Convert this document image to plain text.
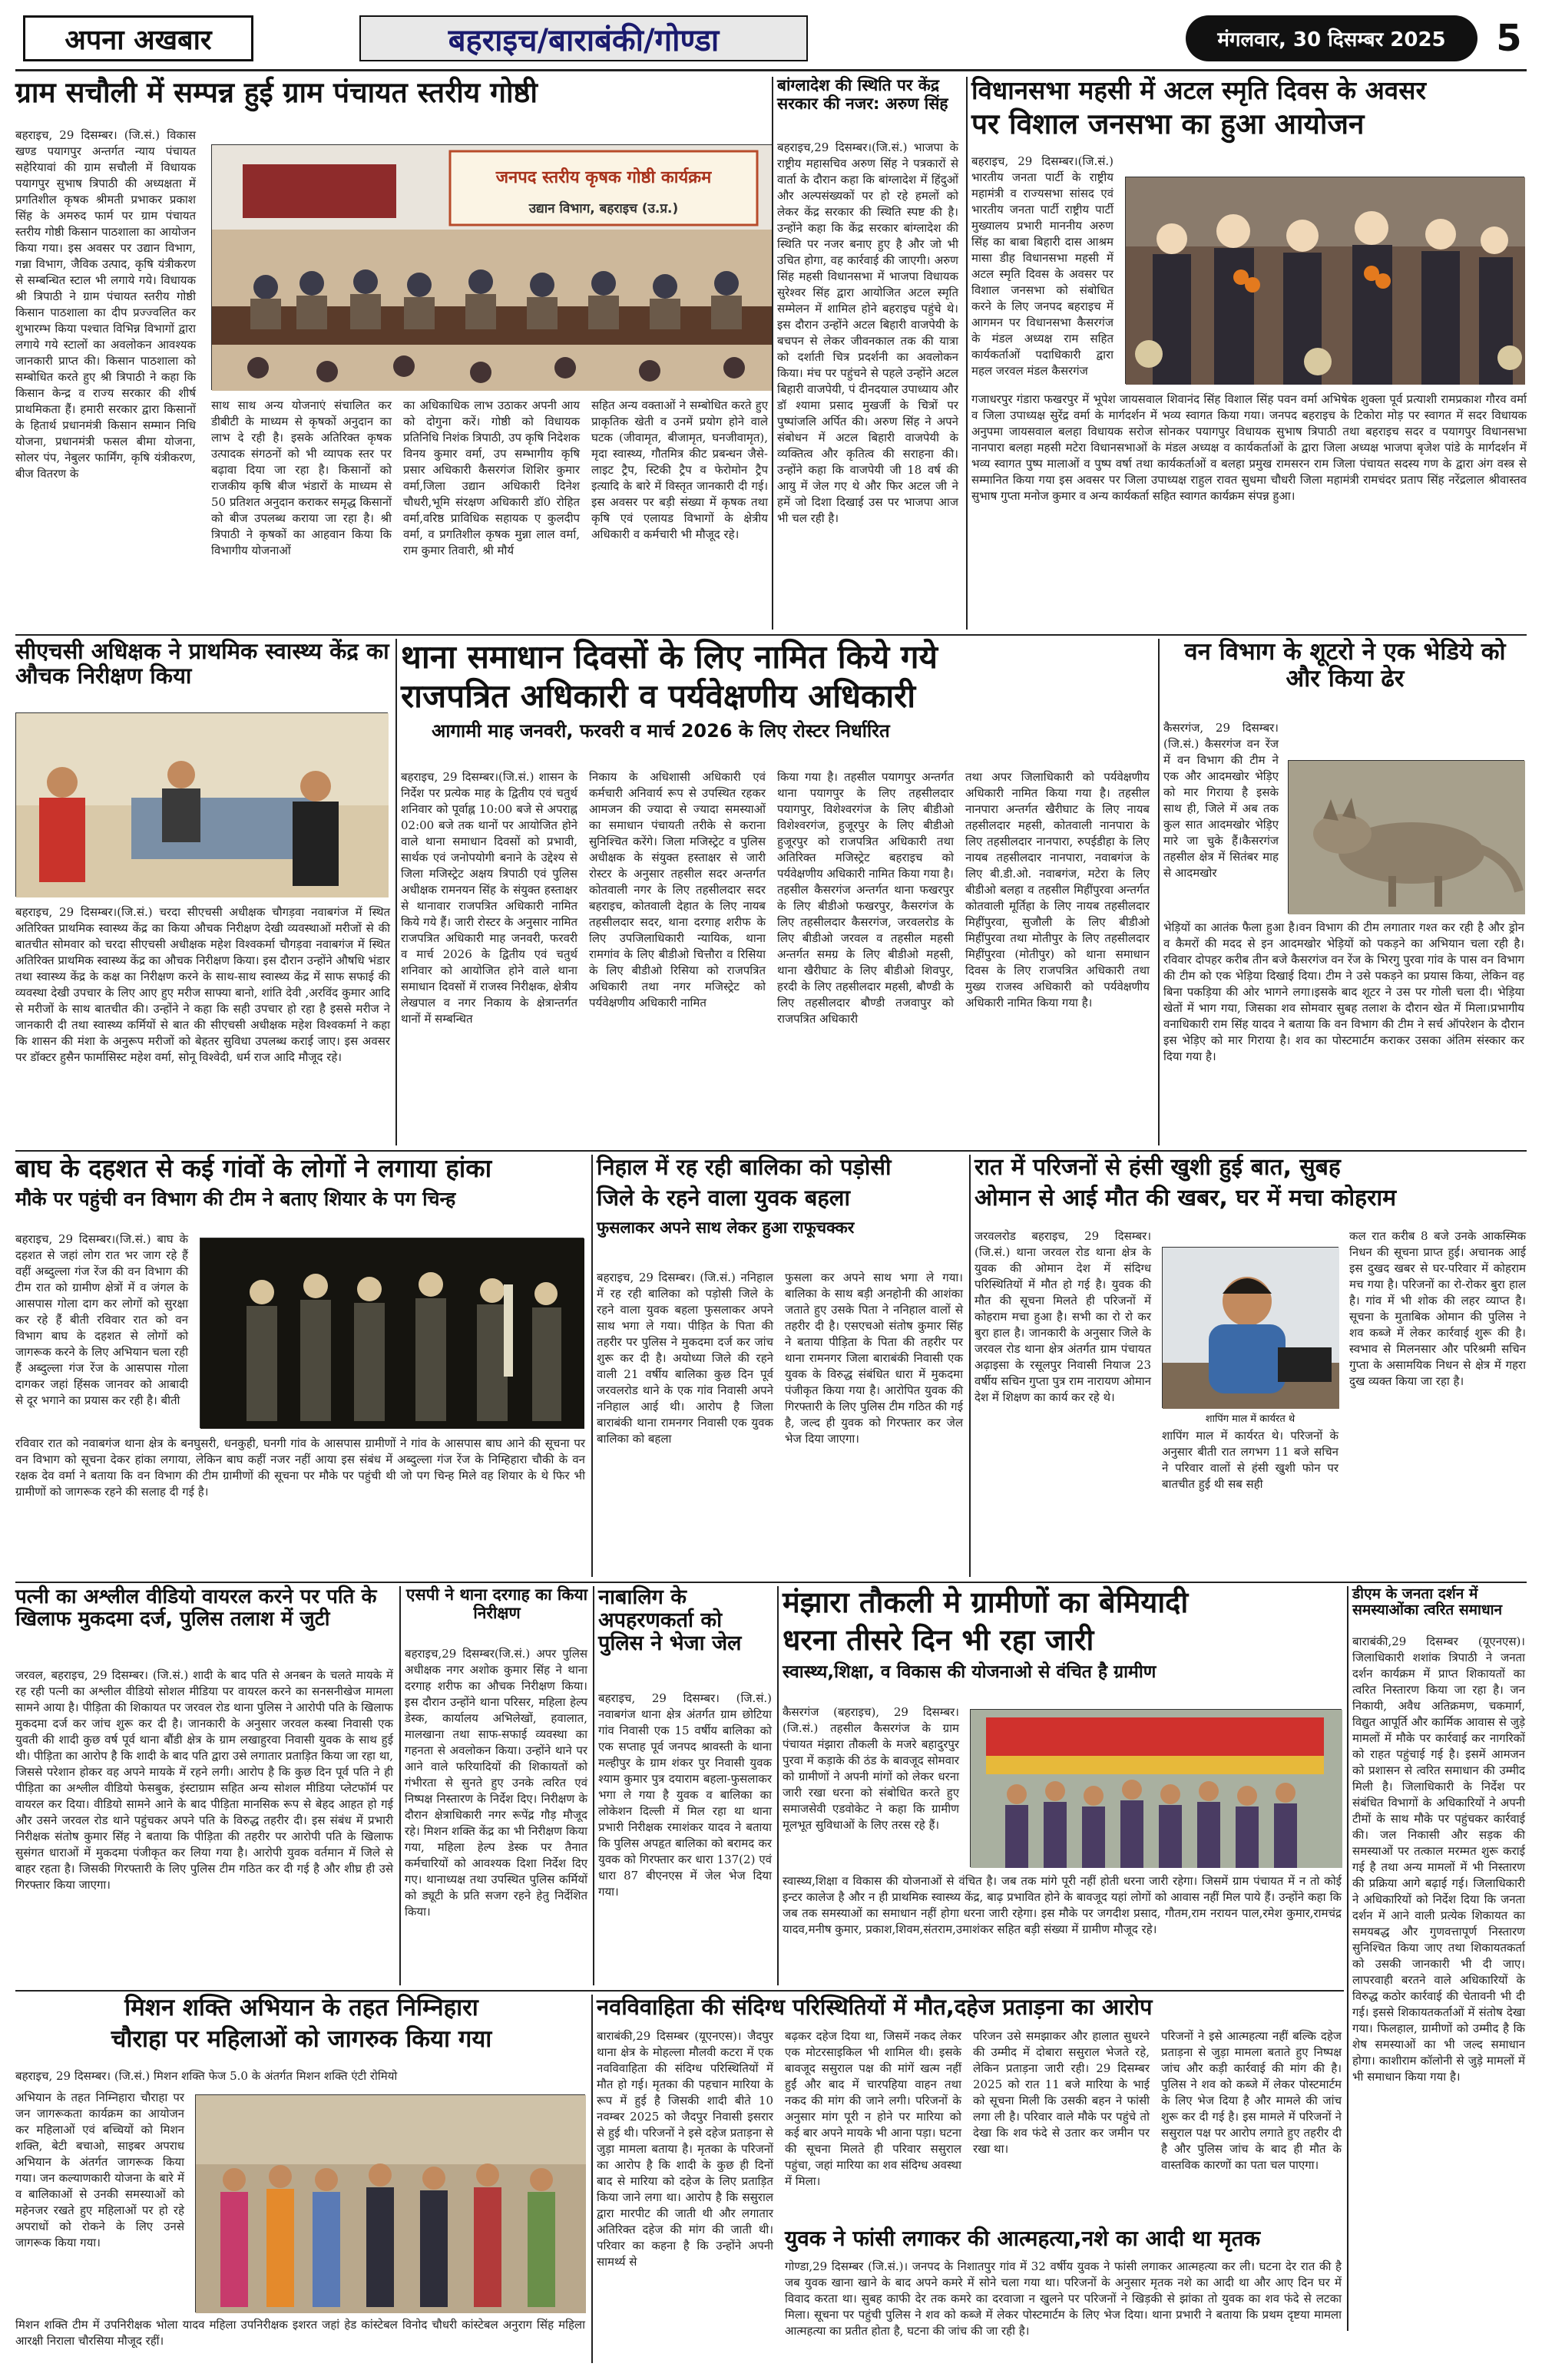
अपना अखबार	बहराइच/बाराबंकी/गोण्डा	मंगलवार, 30 दिसम्बर 2025 5
ग्राम सचौली में सम्पन्न हुई ग्राम पंचायत स्तरीय गोष्ठी
बहराइच, 29 दिसम्बर। (जि.सं.) विकास खण्ड पयागपुर अन्तर्गत न्याय पंचायत सहेरियावां की ग्राम सचौली में विधायक पयागपुर सुभाष त्रिपाठी की अध्यक्षता में प्रगतिशील कृषक श्रीमती प्रभाकर प्रकाश सिंह के अमरुद फार्म पर ग्राम पंचायत स्तरीय गोष्ठी किसान पाठशाला का आयोजन किया गया। इस अवसर पर उद्यान विभाग, गन्ना विभाग, जैविक उत्पाद, कृषि यंत्रीकरण से सम्बन्धित स्टाल भी लगाये गये। विधायक श्री त्रिपाठी ने ग्राम पंचायत स्तरीय गोष्ठी किसान पाठशाला का दीप प्रज्ज्वलित कर शुभारम्भ किया पश्चात विभिन्न विभागों द्वारा लगाये गये स्टालों का अवलोकन आवश्यक जानकारी प्राप्त की। किसान पाठशाला को सम्बोधित करते हुए श्री त्रिपाठी ने कहा कि किसान केन्द्र व राज्य सरकार की शीर्ष प्राथमिकता हैं। हमारी सरकार द्वारा किसानों के हितार्थ प्रधानमंत्री किसान सम्मान निधि योजना, प्रधानमंत्री फसल बीमा योजना, सोलर पंप, नेबुलर फार्मिंग, कृषि यंत्रीकरण, बीज वितरण के
जनपद स्तरीय कृषक गोष्ठी कार्यक्रम
उद्यान विभाग, बहराइच (उ.प्र.)
साथ साथ अन्य योजनाएं संचालित कर डीबीटी के माध्यम से कृषकों अनुदान का लाभ दे रही है। इसके अतिरिक्त कृषक उत्पादक संगठनों को भी व्यापक स्तर पर बढ़ावा दिया जा रहा है। किसानों को राजकीय कृषि बीज भंडारों के माध्यम से 50 प्रतिशत अनुदान कराकर समृद्ध किसानों को बीज उपलब्ध कराया जा रहा है। श्री त्रिपाठी ने कृषकों का आहवान किया कि विभागीय योजनाओं
का अधिकाधिक लाभ उठाकर अपनी आय को दोगुना करें। गोष्ठी को विधायक प्रतिनिधि निशंक त्रिपाठी, उप कृषि निदेशक विनय कुमार वर्मा, उप सम्भागीय कृषि प्रसार अधिकारी कैसरगंज शिशिर कुमार वर्मा,जिला उद्यान अधिकारी दिनेश चौधरी,भूमि संरक्षण अधिकारी डॉ0 रोहित वर्मा,वरिष्ठ प्राविधिक सहायक ए कुलदीप वर्मा, व प्रगतिशील कृषक मुन्ना लाल वर्मा, राम कुमार तिवारी, श्री मौर्य
सहित अन्य वक्ताओं ने सम्बोधित करते हुए प्राकृतिक खेती व उनमें प्रयोग होने वाले घटक (जीवामृत, बीजामृत, घनजीवामृत), मृदा स्वास्थ्य, गौतमित्र कीट प्रबन्धन जैसे-लाइट ट्रैप, स्टिकी ट्रैप व फेरोमोन ट्रैप इत्यादि के बारे में विस्तृत जानकारी दी गई। इस अवसर पर बड़ी संख्या में कृषक तथा कृषि एवं एलायड विभागों के क्षेत्रीय अधिकारी व कर्मचारी भी मौजूद रहे।
बांग्लादेश की स्थिति पर केंद्र सरकार की नजर: अरुण सिंह
बहराइच,29 दिसम्बर।(जि.सं.) भाजपा के राष्ट्रीय महासचिव अरुण सिंह ने पत्रकारों से वार्ता के दौरान कहा कि बांग्लादेश में हिंदुओं और अल्पसंख्यकों पर हो रहे हमलों को लेकर केंद्र सरकार की स्थिति स्पष्ट की है। उन्होंने कहा कि केंद्र सरकार बांग्लादेश की स्थिति पर नजर बनाए हुए है और जो भी उचित होगा, वह कार्रवाई की जाएगी। अरुण सिंह महसी विधानसभा में भाजपा विधायक सुरेश्वर सिंह द्वारा आयोजित अटल स्मृति सम्मेलन में शामिल होने बहराइच पहुंचे थे। इस दौरान उन्होंने अटल बिहारी वाजपेयी के बचपन से लेकर जीवनकाल तक की यात्रा को दर्शाती चित्र प्रदर्शनी का अवलोकन किया। मंच पर पहुंचने से पहले उन्होंने अटल बिहारी वाजपेयी, पं दीनदयाल उपाध्याय और डॉ श्यामा प्रसाद मुखर्जी के चित्रों पर पुष्पांजलि अर्पित की। अरुण सिंह ने अपने संबोधन में अटल बिहारी वाजपेयी के व्यक्तित्व और कृतित्व की सराहना की। उन्होंने कहा कि वाजपेयी जी 18 वर्ष की आयु में जेल गए थे और फिर अटल जी ने हमें जो दिशा दिखाई उस पर भाजपा आज भी चल रही है।
विधानसभा महसी में अटल स्मृति दिवस के अवसर
पर विशाल जनसभा का हुआ आयोजन
बहराइच, 29 दिसम्बर।(जि.सं.) भारतीय जनता पार्टी के राष्ट्रीय महामंत्री व राज्यसभा सांसद एवं भारतीय जनता पार्टी राष्ट्रीय पार्टी मुख्यालय प्रभारी माननीय अरुण सिंह का बाबा बिहारी दास आश्रम मासा डीह विधानसभा महसी में अटल स्मृति दिवस के अवसर पर विशाल जनसभा को संबोधित करने के लिए जनपद बहराइच में आगमन पर विधानसभा कैसरगंज के मंडल अध्यक्ष राम सहित कार्यकर्ताओं पदाधिकारी द्वारा महल जरवल मंडल कैसरगंज
गजाधरपुर गंडारा फखरपुर में भूपेश जायसवाल शिवानंद सिंह विशाल सिंह पवन वर्मा अभिषेक शुक्ला पूर्व प्रत्याशी रामप्रकाश गौरव वर्मा व जिला उपाध्यक्ष सुरेंद्र वर्मा के मार्गदर्शन में भव्य स्वागत किया गया। जनपद बहराइच के टिकोरा मोड़ पर स्वागत में सदर विधायक अनुपमा जायसवाल बलहा विधायक सरोज सोनकर पयागपुर विधायक सुभाष त्रिपाठी तथा बहराइच सदर व पयागपुर विधानसभा नानपारा बलहा महसी मटेरा विधानसभाओं के मंडल अध्यक्ष व कार्यकर्ताओं के द्वारा जिला अध्यक्ष भाजपा बृजेश पांडे के मार्गदर्शन में भव्य स्वागत पुष्प मालाओं व पुष्प वर्षा तथा कार्यकर्ताओं व बलहा प्रमुख रामसरन राम जिला पंचायत सदस्य गण के द्वारा अंग वस्त्र से सम्मानित किया गया इस अवसर पर जिला उपाध्यक्ष राहुल रावत सुधमा चौधरी जिला महामंत्री रामचंदर प्रताप सिंह नरेंद्रलाल श्रीवास्तव सुभाष गुप्ता मनोज कुमार व अन्य कार्यकर्ता सहित स्वागत कार्यक्रम संपन्न हुआ।
सीएचसी अधिक्षक ने प्राथमिक स्वास्थ्य केंद्र का औचक निरीक्षण किया
बहराइच, 29 दिसम्बर।(जि.सं.) चरदा सीएचसी अधीक्षक चौगड़वा नवाबगंज में स्थित अतिरिक्त प्राथमिक स्वास्थ्य केंद्र का किया औचक निरीक्षण देखी व्यवस्थाओं मरीजों से की बातचीत सोमवार को चरदा सीएचसी अधीक्षक महेश विश्वकर्मा चौगड़वा नवाबगंज में स्थित अतिरिक्त प्राथमिक स्वास्थ्य केंद्र का औचक निरीक्षण किया। इस दौरान उन्होंने औषधि भंडार तथा स्वास्थ्य केंद्र के कक्ष का निरीक्षण करने के साथ-साथ स्वास्थ्य केंद्र में साफ सफाई की व्यवस्था देखी उपचार के लिए आए हुए मरीज साफ्या बानो, शांति देवी ,अरविंद कुमार आदि से मरीजों के साथ बातचीत की। उन्होंने ने कहा कि सही उपचार हो रहा है इससे मरीज ने जानकारी दी तथा स्वास्थ्य कर्मियों से बात की सीएचसी अधीक्षक महेश विश्वकर्मा ने कहा कि शासन की मंशा के अनुरूप मरीजों को बेहतर सुविधा उपलब्ध कराई जाए। इस अवसर पर डॉक्टर हुसैन फार्मासिस्ट महेश वर्मा, सोनू विश्वेदी, धर्म राज आदि मौजूद रहे।
थाना समाधान दिवसों के लिए नामित किये गये
राजपत्रित अधिकारी व पर्यवेक्षणीय अधिकारी
आगामी माह जनवरी, फरवरी व मार्च 2026 के लिए रोस्टर निर्धारित
बहराइच, 29 दिसम्बर।(जि.सं.) शासन के निर्देश पर प्रत्येक माह के द्वितीय एवं चतुर्थ शनिवार को पूर्वाह्न 10:00 बजे से अपराह्न 02:00 बजे तक थानों पर आयोजित होने वाले थाना समाधान दिवसों को प्रभावी, सार्थक एवं जनोपयोगी बनाने के उद्देश्य से जिला मजिस्ट्रेट अक्षय त्रिपाठी एवं पुलिस अधीक्षक रामनयन सिंह के संयुक्त हस्ताक्षर से थानावार राजपत्रित अधिकारी नामित किये गये हैं। जारी रोस्टर के अनुसार नामित राजपत्रित अधिकारी माह जनवरी, फरवरी व मार्च 2026 के द्वितीय एवं चतुर्थ शनिवार को आयोजित होने वाले थाना समाधान दिवसों में राजस्व निरीक्षक, क्षेत्रीय लेखपाल व नगर निकाय के क्षेत्रान्तर्गत थानों में सम्बन्धित
निकाय के अधिशासी अधिकारी एवं कर्मचारी अनिवार्य रूप से उपस्थित रहकर आमजन की ज्यादा से ज्यादा समस्याओं का समाधान पंचायती तरीके से कराना सुनिश्चित करेंगे। जिला मजिस्ट्रेट व पुलिस अधीक्षक के संयुक्त हस्ताक्षर से जारी रोस्टर के अनुसार तहसील सदर अन्तर्गत कोतवाली नगर के लिए तहसीलदार सदर बहराइच, कोतवाली देहात के लिए नायब तहसीलदार सदर, थाना दरगाह शरीफ के लिए उपजिलाधिकारी न्यायिक, थाना रामगांव के लिए बीडीओ चित्तौरा व रिसिया के लिए बीडीओ रिसिया को राजपत्रित अधिकारी तथा नगर मजिस्ट्रेट को पर्यवेक्षणीय अधिकारी नामित
किया गया है। तहसील पयागपुर अन्तर्गत थाना पयागपुर के लिए तहसीलदार पयागपुर, विशेश्वरगंज के लिए बीडीओ विशेश्वरगंज, हुजूरपुर के लिए बीडीओ हुजूरपुर को राजपत्रित अधिकारी तथा अतिरिक्त मजिस्ट्रेट बहराइच को पर्यवेक्षणीय अधिकारी नामित किया गया है। तहसील कैसरगंज अन्तर्गत थाना फखरपुर के लिए बीडीओ फखरपुर, कैसरगंज के लिए तहसीलदार कैसरगंज, जरवलरोड के लिए बीडीओ जरवल व तहसील महसी अन्तर्गत समग्र के लिए बीडीओ महसी, थाना खैरीघाट के लिए बीडीओ शिवपुर, हरदी के लिए तहसीलदार महसी, बौण्डी के लिए तहसीलदार बौण्डी तजवापुर को राजपत्रित अधिकारी
तथा अपर जिलाधिकारी को पर्यवेक्षणीय अधिकारी नामित किया गया है। तहसील नानपारा अन्तर्गत खैरीघाट के लिए नायब तहसीलदार महसी, कोतवाली नानपारा के लिए तहसीलदार नानपारा, रुपईडीहा के लिए नायब तहसीलदार नानपारा, नवाबगंज के लिए बी.डी.ओ. नवाबगंज, मटेरा के लिए बीडीओ बलहा व तहसील मिहींपुरवा अन्तर्गत कोतवाली मूर्तिहा के लिए नायब तहसीलदार मिहींपुरवा, सुजौली के लिए बीडीओ मिहींपुरवा तथा मोतीपुर के लिए तहसीलदार मिहींपुरवा (मोतीपुर) को थाना समाधान दिवस के लिए राजपत्रित अधिकारी तथा मुख्य राजस्व अधिकारी को पर्यवेक्षणीय अधिकारी नामित किया गया है।
वन विभाग के शूटरो ने एक भेडिये को और किया ढेर
कैसरगंज, 29 दिसम्बर।(जि.सं.) कैसरगंज वन रेंज में वन विभाग की टीम ने एक और आदमखोर भेड़िए को मार गिराया है इसके साथ ही, जिले में अब तक कुल सात आदमखोर भेड़िए मारे जा चुके हैं।कैसरगंज तहसील क्षेत्र में सितंबर माह से आदमखोर
भेड़ियों का आतंक फैला हुआ है।वन विभाग की टीम लगातार गश्त कर रही है और ड्रोन व कैमरों की मदद से इन आदमखोर भेड़ियों को पकड़ने का अभियान चला रही है। रविवार दोपहर करीब तीन बजे कैसरगंज वन रेंज के भिरगु पुरवा गांव के पास वन विभाग की टीम को एक भेड़िया दिखाई दिया। टीम ने उसे पकड़ने का प्रयास किया, लेकिन वह बिना पकड़िया की ओर भागने लगा।इसके बाद शूटर ने उस पर गोली चला दी। भेड़िया खेतों में भाग गया, जिसका शव सोमवार सुबह तलाश के दौरान खेत में मिला।प्रभागीय वनाधिकारी राम सिंह यादव ने बताया कि वन विभाग की टीम ने सर्च ऑपरेशन के दौरान इस भेड़िए को मार गिराया है। शव का पोस्टमार्टम कराकर उसका अंतिम संस्कार कर दिया गया है।
बाघ के दहशत से कई गांवों के लोगों ने लगाया हांका
मौके पर पहुंची वन विभाग की टीम ने बताए शियार के पग चिन्ह
बहराइच, 29 दिसम्बर।(जि.सं.) बाघ के दहशत से जहां लोग रात भर जाग रहे हैं वहीं अब्दुल्ला गंज रेंज की वन विभाग की टीम रात को ग्रामीण क्षेत्रों में व जंगल के आसपास गोला दाग कर लोगों को सुरक्षा कर रहे हैं बीती रविवार रात को वन विभाग बाघ के दहशत से लोगों को जागरूक करने के लिए अभियान चला रही हैं अब्दुल्ला गंज रेंज के आसपास गोला दागकर जहां हिंसक जानवर को आबादी से दूर भगाने का प्रयास कर रही है। बीती
रविवार रात को नवाबगंज थाना क्षेत्र के बनघुसरी, धनकुही, घनगी गांव के आसपास ग्रामीणों ने गांव के आसपास बाघ आने की सूचना पर वन विभाग को सूचना देकर हांका लगाया, लेकिन बाघ कहीं नजर नहीं आया इस संबंध में अब्दुल्ला गंज रेंज के निम्हिहारा चौकी के वन रक्षक देव वर्मा ने बताया कि वन विभाग की टीम ग्रामीणों की सूचना पर मौके पर पहुंची थी जो पग चिन्ह मिले वह शियार के थे फिर भी ग्रामीणों को जागरूक रहने की सलाह दी गई है।
निहाल में रह रही बालिका को पड़ोसी
जिले के रहने वाला युवक बहला
फुसलाकर अपने साथ लेकर हुआ राफूचक्कर
बहराइच, 29 दिसम्बर। (जि.सं.) ननिहाल में रह रही बालिका को पड़ोसी जिले के रहने वाला युवक बहला फुसलाकर अपने साथ भगा ले गया। पीड़ित के पिता की तहरीर पर पुलिस ने मुकदमा दर्ज कर जांच शुरू कर दी है। अयोध्या जिले की रहने वाली 21 वर्षीय बालिका कुछ दिन पूर्व जरवलरोड थाने के एक गांव निवासी अपने ननिहाल आई थी। आरोप है जिला बाराबंकी थाना रामनगर निवासी एक युवक बालिका को बहला
फुसला कर अपने साथ भगा ले गया। बालिका के साथ बड़ी अनहोनी की आशंका जताते हुए उसके पिता ने ननिहाल वालों से तहरीर दी है। एसएचओ संतोष कुमार सिंह ने बताया पीड़िता के पिता की तहरीर पर थाना रामनगर जिला बाराबंकी निवासी एक युवक के विरुद्ध संबंधित धारा में मुकदमा पंजीकृत किया गया है। आरोपित युवक की गिरफ्तारी के लिए पुलिस टीम गठित की गई है, जल्द ही युवक को गिरफ्तार कर जेल भेज दिया जाएगा।
रात में परिजनों से हंसी खुशी हुई बात, सुबह
ओमान से आई मौत की खबर, घर में मचा कोहराम
जरवलरोड बहराइच, 29 दिसम्बर। (जि.सं.) थाना जरवल रोड थाना क्षेत्र के युवक की ओमान देश में संदिग्ध परिस्थितियों में मौत हो गई है। युवक की मौत की सूचना मिलते ही परिजनों में कोहराम मचा हुआ है। सभी का रो रो कर बुरा हाल है। जानकारी के अनुसार जिले के जरवल रोड थाना क्षेत्र अंतर्गत ग्राम पंचायत अढ़ाइसा के रसूलपुर निवासी नियाज 23 वर्षीय सचिन गुप्ता पुत्र राम नारायण ओमान देश में शिक्षण का कार्य कर रहे थे।
शापिंग माल में कार्यरत थे
शापिंग माल में कार्यरत थे। परिजनों के अनुसार बीती रात लगभग 11 बजे सचिन ने परिवार वालों से हंसी खुशी फोन पर बातचीत हुई थी सब सही
कल रात करीब 8 बजे उनके आकस्मिक निधन की सूचना प्राप्त हुई। अचानक आई इस दुखद खबर से घर-परिवार में कोहराम मच गया है। परिजनों का रो-रोकर बुरा हाल है। गांव में भी शोक की लहर व्याप्त है। सूचना के मुताबिक ओमान की पुलिस ने शव कब्जे में लेकर कार्रवाई शुरू की है। स्वभाव से मिलनसार और परिश्रमी सचिन गुप्ता के असामयिक निधन से क्षेत्र में गहरा दुख व्यक्त किया जा रहा है।
पत्नी का अश्लील वीडियो वायरल करने पर पति के खिलाफ मुकदमा दर्ज, पुलिस तलाश में जुटी
जरवल, बहराइच, 29 दिसम्बर। (जि.सं.) शादी के बाद पति से अनबन के चलते मायके में रह रही पत्नी का अश्लील वीडियो सोशल मीडिया पर वायरल करने का सनसनीखेज मामला सामने आया है। पीड़िता की शिकायत पर जरवल रोड थाना पुलिस ने आरोपी पति के खिलाफ मुकदमा दर्ज कर जांच शुरू कर दी है। जानकारी के अनुसार जरवल कस्बा निवासी एक युवती की शादी कुछ वर्ष पूर्व थाना बौंडी क्षेत्र के ग्राम लखाहुरवा निवासी युवक के साथ हुई थी। पीड़िता का आरोप है कि शादी के बाद पति द्वारा उसे लगातार प्रताड़ित किया जा रहा था, जिससे परेशान होकर वह अपने मायके में रहने लगी। आरोप है कि कुछ दिन पूर्व पति ने ही पीड़िता का अश्लील वीडियो फेसबुक, इंस्टाग्राम सहित अन्य सोशल मीडिया प्लेटफॉर्म पर वायरल कर दिया। वीडियो सामने आने के बाद पीड़िता मानसिक रूप से बेहद आहत हो गई और उसने जरवल रोड थाने पहुंचकर अपने पति के विरुद्ध तहरीर दी। इस संबंध में प्रभारी निरीक्षक संतोष कुमार सिंह ने बताया कि पीड़िता की तहरीर पर आरोपी पति के खिलाफ सुसंगत धाराओं में मुकदमा पंजीकृत कर लिया गया है। आरोपी युवक वर्तमान में जिले से बाहर रहता है। जिसकी गिरफ्तारी के लिए पुलिस टीम गठित कर दी गई है और शीघ्र ही उसे गिरफ्तार किया जाएगा।
एसपी ने थाना दरगाह का किया निरीक्षण
बहराइच,29 दिसम्बर(जि.सं.) अपर पुलिस अधीक्षक नगर अशोक कुमार सिंह ने थाना दरगाह शरीफ का औचक निरीक्षण किया। इस दौरान उन्होंने थाना परिसर, महिला हेल्प डेस्क, कार्यालय अभिलेखों, हवालात, मालखाना तथा साफ-सफाई व्यवस्था का गहनता से अवलोकन किया। उन्होंने थाने पर आने वाले फरियादियों की शिकायतों को गंभीरता से सुनते हुए उनके त्वरित एवं निष्पक्ष निस्तारण के निर्देश दिए। निरीक्षण के दौरान क्षेत्राधिकारी नगर रूपेंद्र गौड़ मौजूद रहे। मिशन शक्ति केंद्र का भी निरीक्षण किया गया, महिला हेल्प डेस्क पर तैनात कर्मचारियों को आवश्यक दिशा निर्देश दिए गए। थानाध्यक्ष तथा उपस्थित पुलिस कर्मियों को ड्यूटी के प्रति सजग रहने हेतु निर्देशित किया।
नाबालिग के अपहरणकर्ता को पुलिस ने भेजा जेल
बहराइच, 29 दिसम्बर। (जि.सं.) नवाबगंज थाना क्षेत्र अंतर्गत ग्राम छोटिया गांव निवासी एक 15 वर्षीय बालिका को एक सप्ताह पूर्व जनपद श्रावस्ती के थाना मल्हीपुर के ग्राम शंकर पुर निवासी युवक श्याम कुमार पुत्र दयाराम बहला-फुसलाकर भगा ले गया है युवक व बालिका का लोकेशन दिल्ली में मिल रहा था थाना प्रभारी निरीक्षक रमाशंकर यादव ने बताया कि पुलिस अपहृत बालिका को बरामद कर युवक को गिरफ्तार कर धारा 137(2) एवं धारा 87 बीएनएस में जेल भेज दिया गया।
मंझारा तौकली मे ग्रामीणों का बेमियादी
धरना तीसरे दिन भी रहा जारी
स्वास्थ्य,शिक्षा, व विकास की योजनाओ से वंचित है ग्रामीण
कैसरगंज (बहराइच), 29 दिसम्बर।(जि.सं.) तहसील कैसरगंज के ग्राम पंचायत मंझारा तौकली के मजरे बहादुरपुर पुरवा में कड़ाके की ठंड के बावजूद सोमवार को ग्रामीणों ने अपनी मांगों को लेकर धरना जारी रखा धरना को संबोधित करते हुए समाजसेवी एडवोकेट ने कहा कि ग्रामीण मूलभूत सुविधाओं के लिए तरस रहे हैं।
स्वास्थ्य,शिक्षा व विकास की योजनाओं से वंचित है। जब तक मांगे पूरी नहीं होती धरना जारी रहेगा। जिसमें ग्राम पंचायत में न तो कोई इन्टर कालेज है और न ही प्राथमिक स्वास्थ्य केंद्र, बाढ़ प्रभावित होने के बावजूद यहां लोगों को आवास नहीं मिल पाये हैं। उन्होंने कहा कि जब तक समस्याओं का समाधान नहीं होगा धरना जारी रहेगा। इस मौके पर जगदीश प्रसाद, गौतम,राम नरायन पाल,रमेश कुमार,रामचंद्र यादव,मनीष कुमार, प्रकाश,शिवम,संतराम,उमाशंकर सहित बड़ी संख्या में ग्रामीण मौजूद रहे।
डीएम के जनता दर्शन में समस्याओंका त्वरित समाधान
बाराबंकी,29 दिसम्बर (यूएनएस)। जिलाधिकारी शशांक त्रिपाठी ने जनता दर्शन कार्यक्रम में प्राप्त शिकायतों का त्वरित निस्तारण किया जा रहा है। जन निकायी, अवैध अतिक्रमण, चकमार्ग, विद्युत आपूर्ति और कार्मिक आवास से जुड़े मामलों में मौके पर कार्रवाई कर नागरिकों को राहत पहुंचाई गई है। इसमें आमजन को प्रशासन से त्वरित समाधान की उम्मीद मिली है। जिलाधिकारी के निर्देश पर संबंधित विभागों के अधिकारियों ने अपनी टीमों के साथ मौके पर पहुंचकर कार्रवाई की। जल निकासी और सड़क की समस्याओं पर तत्काल मरम्मत शुरू कराई गई है तथा अन्य मामलों में भी निस्तारण की प्रक्रिया आगे बढ़ाई गई। जिलाधिकारी ने अधिकारियों को निर्देश दिया कि जनता दर्शन में आने वाली प्रत्येक शिकायत का समयबद्ध और गुणवत्तापूर्ण निस्तारण सुनिश्चित किया जाए तथा शिकायतकर्ता को उसकी जानकारी भी दी जाए। लापरवाही बरतने वाले अधिकारियों के विरुद्ध कठोर कार्रवाई की चेतावनी भी दी गई। इससे शिकायतकर्ताओं में संतोष देखा गया। फिलहाल, ग्रामीणों को उम्मीद है कि शेष समस्याओं का भी जल्द समाधान होगा। काशीराम कॉलोनी से जुड़े मामलों में भी समाधान किया गया है।
मिशन शक्ति अभियान के तहत निम्निहारा
चौराहा पर महिलाओं को जागरुक किया गया
बहराइच, 29 दिसम्बर। (जि.सं.) मिशन शक्ति फेज 5.0 के अंतर्गत मिशन शक्ति एंटी रोमियो
अभियान के तहत निम्निहारा चौराहा पर जन जागरूकता कार्यक्रम का आयोजन कर महिलाओं एवं बच्चियों को मिशन शक्ति, बेटी बचाओ, साइबर अपराध अभियान के अंतर्गत जागरूक किया गया। जन कल्याणकारी योजना के बारे में व बालिकाओं से उनकी समस्याओं को महेनजर रखते हुए महिलाओं पर हो रहे अपराधों को रोकने के लिए उनसे जागरूक किया गया।
मिशन शक्ति टीम में उपनिरीक्षक भोला यादव महिला उपनिरीक्षक इशरत जहां हेड कांस्टेबल विनोद चौधरी कांस्टेबल अनुराग सिंह महिला आरक्षी निराला चौरसिया मौजूद रहीं।
नवविवाहिता की संदिग्ध परिस्थितियों में मौत,दहेज प्रताड़ना का आरोप
बाराबंकी,29 दिसम्बर (यूएनएस)। जैदपुर थाना क्षेत्र के मोहल्ला मौलवी कटरा में एक नवविवाहिता की संदिग्ध परिस्थितियों में मौत हो गई। मृतका की पहचान मारिया के रूप में हुई है जिसकी शादी बीते 10 नवम्बर 2025 को जैदपुर निवासी इसरार से हुई थी। परिजनों ने इसे दहेज प्रताड़ना से जुड़ा मामला बताया है। मृतका के परिजनों का आरोप है कि शादी के कुछ ही दिनों बाद से मारिया को दहेज के लिए प्रताड़ित किया जाने लगा था। आरोप है कि ससुराल द्वारा मारपीट की जाती थी और लगातार अतिरिक्त दहेज की मांग की जाती थी। परिवार का कहना है कि उन्होंने अपनी सामर्थ्य से
बढ़कर दहेज दिया था, जिसमें नकद लेकर एक मोटरसाइकिल भी शामिल थी। इसके बावजूद ससुराल पक्ष की मांगें खत्म नहीं हुईं और बाद में चारपहिया वाहन तथा नकद की मांग की जाने लगी। परिजनों के अनुसार मांग पूरी न होने पर मारिया को कई बार अपने मायके भी आना पड़ा। घटना की सूचना मिलते ही परिवार ससुराल पहुंचा, जहां मारिया का शव संदिग्ध अवस्था में मिला।
परिजन उसे समझाकर और हालात सुधरने की उम्मीद में दोबारा ससुराल भेजते रहे, लेकिन प्रताड़ना जारी रही। 29 दिसम्बर 2025 को रात 11 बजे मारिया के भाई को सूचना मिली कि उसकी बहन ने फांसी लगा ली है। परिवार वाले मौके पर पहुंचे तो देखा कि शव फंदे से उतार कर जमीन पर रखा था।
परिजनों ने इसे आत्महत्या नहीं बल्कि दहेज प्रताड़ना से जुड़ा मामला बताते हुए निष्पक्ष जांच और कड़ी कार्रवाई की मांग की है। पुलिस ने शव को कब्जे में लेकर पोस्टमार्टम के लिए भेज दिया है और मामले की जांच शुरू कर दी गई है। इस मामले में परिजनों ने ससुराल पक्ष पर आरोप लगाते हुए तहरीर दी है और पुलिस जांच के बाद ही मौत के वास्तविक कारणों का पता चल पाएगा।
युवक ने फांसी लगाकर की आत्महत्या,नशे का आदी था मृतक
गोण्डा,29 दिसम्बर (जि.सं.)। जनपद के निशातपुर गांव में 32 वर्षीय युवक ने फांसी लगाकर आत्महत्या कर ली। घटना देर रात की है जब युवक खाना खाने के बाद अपने कमरे में सोने चला गया था। परिजनों के अनुसार मृतक नशे का आदी था और आए दिन घर में विवाद करता था। सुबह काफी देर तक कमरे का दरवाजा न खुलने पर परिजनों ने खिड़की से झांका तो युवक का शव फंदे से लटका मिला। सूचना पर पहुंची पुलिस ने शव को कब्जे में लेकर पोस्टमार्टम के लिए भेज दिया। थाना प्रभारी ने बताया कि प्रथम दृष्टया मामला आत्महत्या का प्रतीत होता है, घटना की जांच की जा रही है।
